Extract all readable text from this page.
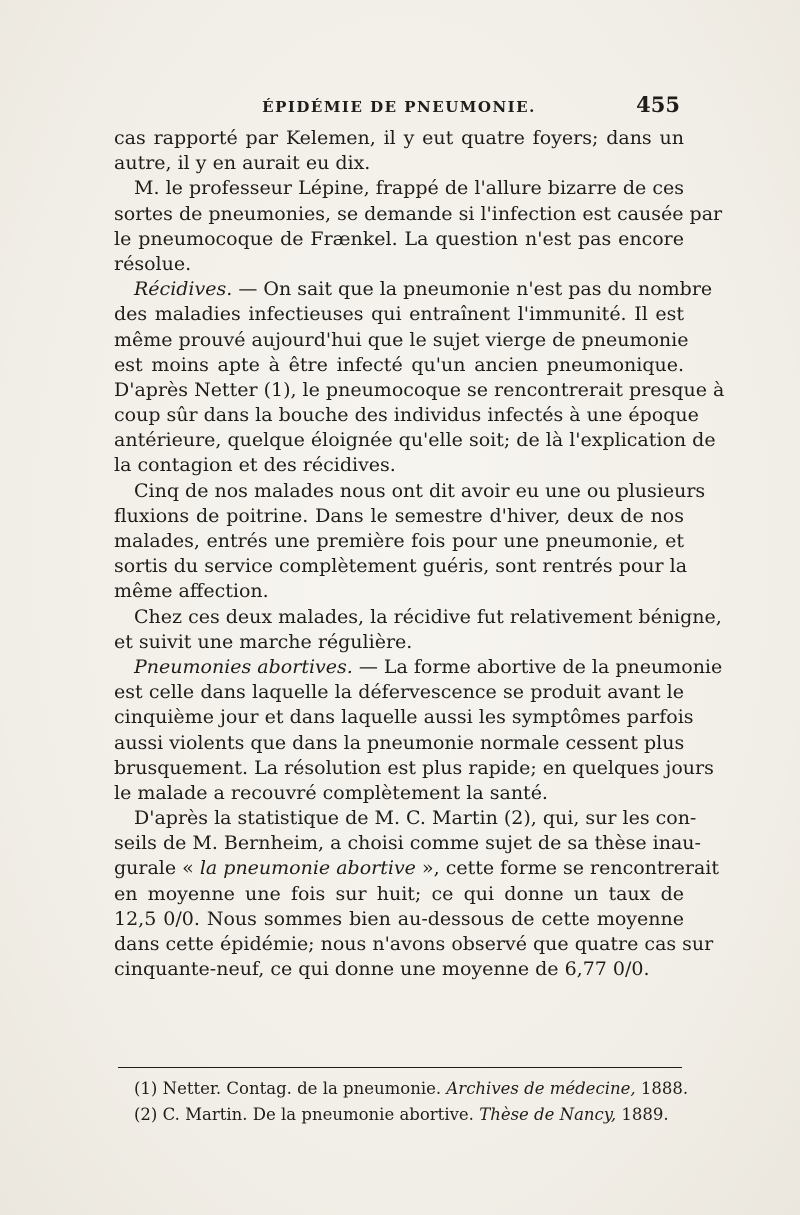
ÉPIDÉMIE DE PNEUMONIE.	455
cas rapporté par Kelemen, il y eut quatre foyers; dans un
autre, il y en aurait eu dix.
M. le professeur Lépine, frappé de l'allure bizarre de ces
sortes de pneumonies, se demande si l'infection est causée par
le pneumocoque de Frænkel. La question n'est pas encore
résolue.
Récidives. — On sait que la pneumonie n'est pas du nombre
des maladies infectieuses qui entraînent l'immunité. Il est
même prouvé aujourd'hui que le sujet vierge de pneumonie
est moins apte à être infecté qu'un ancien pneumonique.
D'après Netter (1), le pneumocoque se rencontrerait presque à
coup sûr dans la bouche des individus infectés à une époque
antérieure, quelque éloignée qu'elle soit; de là l'explication de
la contagion et des récidives.
Cinq de nos malades nous ont dit avoir eu une ou plusieurs
fluxions de poitrine. Dans le semestre d'hiver, deux de nos
malades, entrés une première fois pour une pneumonie, et
sortis du service complètement guéris, sont rentrés pour la
même affection.
Chez ces deux malades, la récidive fut relativement bénigne,
et suivit une marche régulière.
Pneumonies abortives. — La forme abortive de la pneumonie
est celle dans laquelle la défervescence se produit avant le
cinquième jour et dans laquelle aussi les symptômes parfois
aussi violents que dans la pneumonie normale cessent plus
brusquement. La résolution est plus rapide; en quelques jours
le malade a recouvré complètement la santé.
D'après la statistique de M. C. Martin (2), qui, sur les con-
seils de M. Bernheim, a choisi comme sujet de sa thèse inau-
gurale « la pneumonie abortive », cette forme se rencontrerait
en moyenne une fois sur huit; ce qui donne un taux de
12,5 0/0. Nous sommes bien au-dessous de cette moyenne
dans cette épidémie; nous n'avons observé que quatre cas sur
cinquante-neuf, ce qui donne une moyenne de 6,77 0/0.
(1) Netter. Contag. de la pneumonie. Archives de médecine, 1888.
(2) C. Martin. De la pneumonie abortive. Thèse de Nancy, 1889.
